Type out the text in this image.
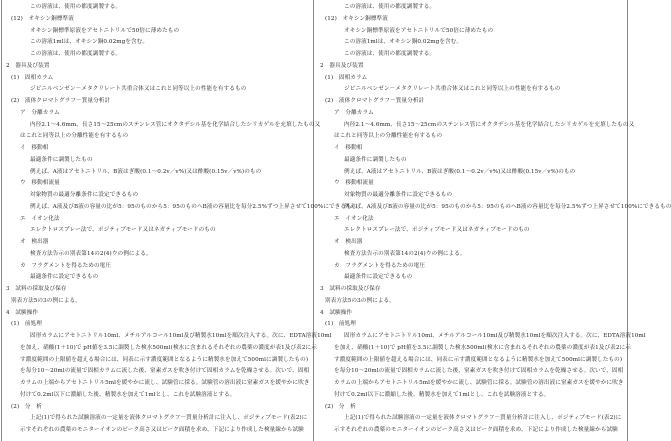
この溶液は、使用の都度調製する。
(12)　オキシン銅標準液
オキシン銅標準原液をアセトニトリルで50倍に薄めたもの
この溶液1mlは、オキシン銅0.02mgを含む。
この溶液は、使用の都度調製する。
2　器具及び装置
(1)　固相カラム
ジビニルベンゼン－メタクリレート共重合体又はこれと同等以上の性能を有するもの
(2)　液体クロマトグラフ－質量分析計
ア　分離カラム
内径2.1～4.6mm、長さ15～25cmのステンレス管にオクタデシル基を化学結合したシリカゲルを充填したもの又
はこれと同等以上の分離性能を有するもの
イ　移動相
最適条件に調製したもの
例えば、A液はアセトニトリル、B液はぎ酸(0.1～0.2v／v%)又は酢酸(0.15v／v%)のもの
ウ　移動相流量
対象物質の最適分離条件に設定できるもの
例えば、A液及びB液の容量の比が5：95のものから5：95のものへB液の容量比を毎分2.5%ずつ上昇させて100%にできるもの
エ　イオン化法
エレクトロスプレー法で、ポジティブモード又はネガティブモードのもの
オ　検出器
検査方法告示の別表第14の2(4)ウの例による。
カ　フラグメントを得るための電圧
最適条件に設定できるもの
3　試料の採取及び保存
別表方法5の3の例による。
4　試験操作
(1)　前処理
固形カラムにアセトニトリル10ml、メチルアルコール10ml及び精製水10mlを順次注入する。次に、EDTA溶液10ml
を加え、硝酸(1＋10)で pH値を3.5に調製した検水500ml(検水に含まれるそれぞれの農薬の濃度が表1及び表2に示
す濃度範囲の上限値を超える場合には、同表に示す濃度範囲となるように精製水を加えて500mlに調製したもの)
を毎分10～20mlの流量で固相カラムに流した後、窒素ガスを吹き付けて固相カラムを乾燥させる。次いで、固相
カラムの上端からアセトニトリル5mlを緩やかに流し、試験管に採る。試験管の溶出液に窒素ガスを緩やかに吹き
付けて0.2ml以下に濃縮した後、精製水を加えて1mlとし、これを試験溶液とする。
(2)　分　析
上記(1)で得られた試験溶液の一定量を液体クロマトグラフ－質量分析計に注入し、ポジティブモード(表2)に
示すそれぞれの農薬のモニターイオンのピーク高さ又はピーク面積を求め、下記により作成した検量線から試験
この溶液は、使用の都度調製する。
(12)　オキシン銅標準液
オキシン銅標準原液をアセトニトリルで50倍に薄めたもの
この溶液1mlは、オキシン銅0.02mgを含む。
この溶液は、使用の都度調製する。
2　器具及び装置
(1)　固相カラム
ジビニルベンゼン－メタクリレート共重合体又はこれと同等以上の性能を有するもの
(2)　液体クロマトグラフ－質量分析計
ア　分離カラム
内径2.1～4.6mm、長さ15～25cmのステンレス管にオクタデシル基を化学結合したシリカゲルを充填したもの又
はこれと同等以上の分離性能を有するもの
イ　移動相
最適条件に調製したもの
例えば、A液はアセトニトリル、B液はぎ酸(0.1～0.2v／v%)又は酢酸(0.15v／v%)のもの
ウ　移動相流量
対象物質の最適分離条件に設定できるもの
例えば、A液及びB液の容量の比が5：95のものから5：95のものへB液の容量比を毎分2.5%ずつ上昇させて100%にできるもの
エ　イオン化法
エレクトロスプレー法で、ポジティブモード又はネガティブモードのもの
オ　検出器
検査方法告示の別表第14の2(4)ウの例による。
カ　フラグメントを得るための電圧
最適条件に設定できるもの
3　試料の採取及び保存
別表方法5の3の例による。
4　試験操作
(1)　前処理
固形カラムにアセトニトリル10ml、メチルアルコール10ml及び精製水10mlを順次注入する。次に、EDTA溶液10ml
を加え、硝酸(1＋10)で pH値を3.5に調製した検水500ml(検水に含まれるそれぞれの農薬の濃度が表1及び表2に示
す濃度範囲の上限値を超える場合には、同表に示す濃度範囲となるように精製水を加えて500mlに調製したもの)
を毎分10～20mlの流量で固相カラムに流した後、窒素ガスを吹き付けて固相カラムを乾燥させる。次いで、固相
カラムの上端からアセトニトリル5mlを緩やかに流し、試験管に採る。試験管の溶出液に窒素ガスを緩やかに吹き
付けて0.2ml以下に濃縮した後、精製水を加えて1mlとし、これを試験溶液とする。
(2)　分　析
上記(1)で得られた試験溶液の一定量を液体クロマトグラフ－質量分析計に注入し、ポジティブモード(表2)に
示すそれぞれの農薬のモニターイオンのピーク高さ又はピーク面積を求め、下記により作成した検量線から試験
